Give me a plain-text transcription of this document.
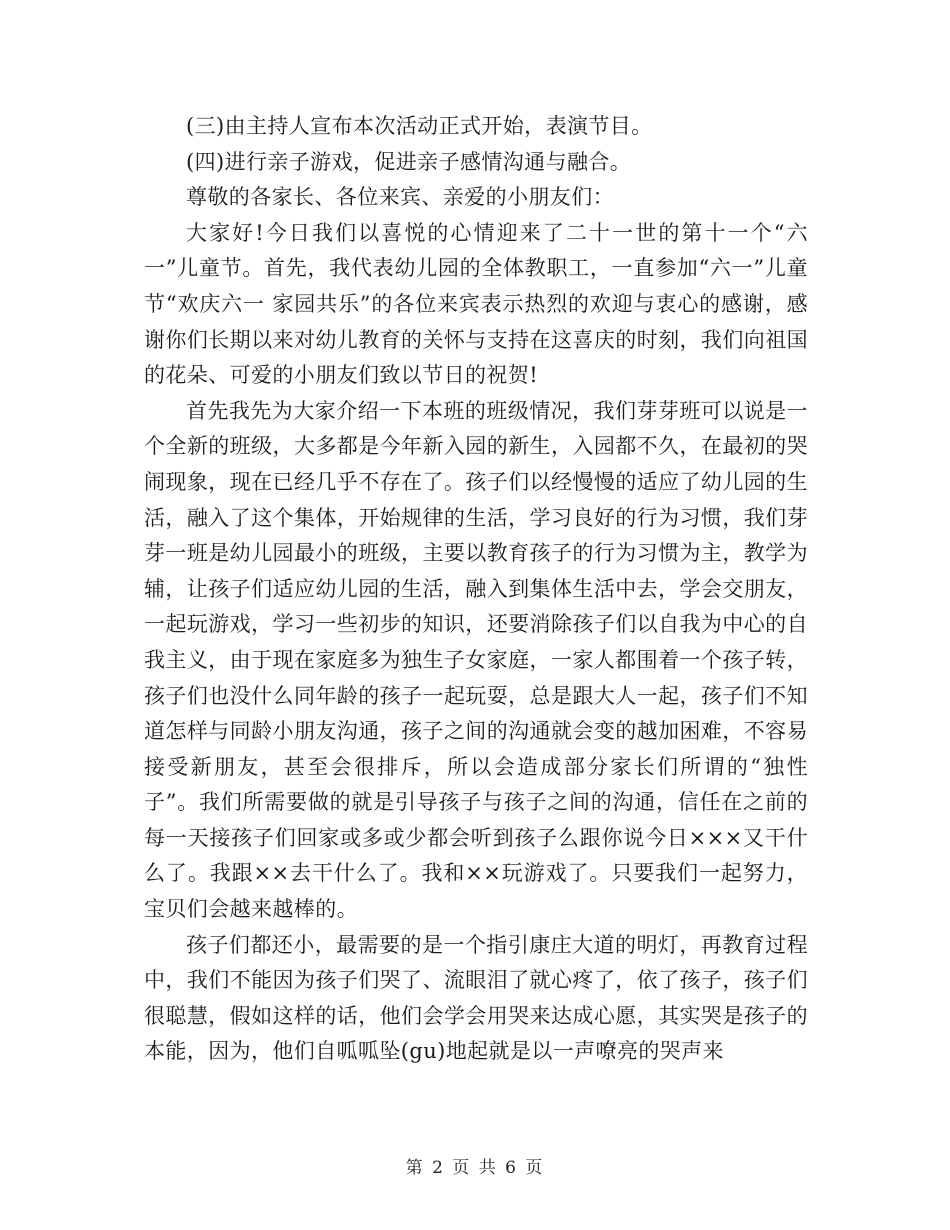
(三)由主持人宣布本次活动正式开始，表演节目。

(四)进行亲子游戏，促进亲子感情沟通与融合。

尊敬的各家长、各位来宾、亲爱的小朋友们：

大家好!今日我们以喜悦的心情迎来了二十一世的第十一个“六一”儿童节。首先，我代表幼儿园的全体教职工，一直参加“六一”儿童节“欢庆六一 家园共乐”的各位来宾表示热烈的欢迎与衷心的感谢，感谢你们长期以来对幼儿教育的关怀与支持在这喜庆的时刻，我们向祖国的花朵、可爱的小朋友们致以节日的祝贺!

首先我先为大家介绍一下本班的班级情况，我们芽芽班可以说是一个全新的班级，大多都是今年新入园的新生，入园都不久，在最初的哭闹现象，现在已经几乎不存在了。孩子们以经慢慢的适应了幼儿园的生活，融入了这个集体，开始规律的生活，学习良好的行为习惯，我们芽芽一班是幼儿园最小的班级，主要以教育孩子的行为习惯为主，教学为辅，让孩子们适应幼儿园的生活，融入到集体生活中去，学会交朋友，一起玩游戏，学习一些初步的知识，还要消除孩子们以自我为中心的自我主义，由于现在家庭多为独生子女家庭，一家人都围着一个孩子转，孩子们也没什么同年龄的孩子一起玩耍，总是跟大人一起，孩子们不知道怎样与同龄小朋友沟通，孩子之间的沟通就会变的越加困难，不容易接受新朋友，甚至会很排斥，所以会造成部分家长们所谓的“独性子”。我们所需要做的就是引导孩子与孩子之间的沟通，信任在之前的每一天接孩子们回家或多或少都会听到孩子么跟你说今日×××又干什么了。我跟××去干什么了。我和××玩游戏了。只要我们一起努力，宝贝们会越来越棒的。

孩子们都还小，最需要的是一个指引康庄大道的明灯，再教育过程中，我们不能因为孩子们哭了、流眼泪了就心疼了，依了孩子，孩子们很聪慧，假如这样的话，他们会学会用哭来达成心愿，其实哭是孩子的本能，因为，他们自呱呱坠(gu)地起就是以一声嘹亮的哭声来

第 2 页 共 6 页
